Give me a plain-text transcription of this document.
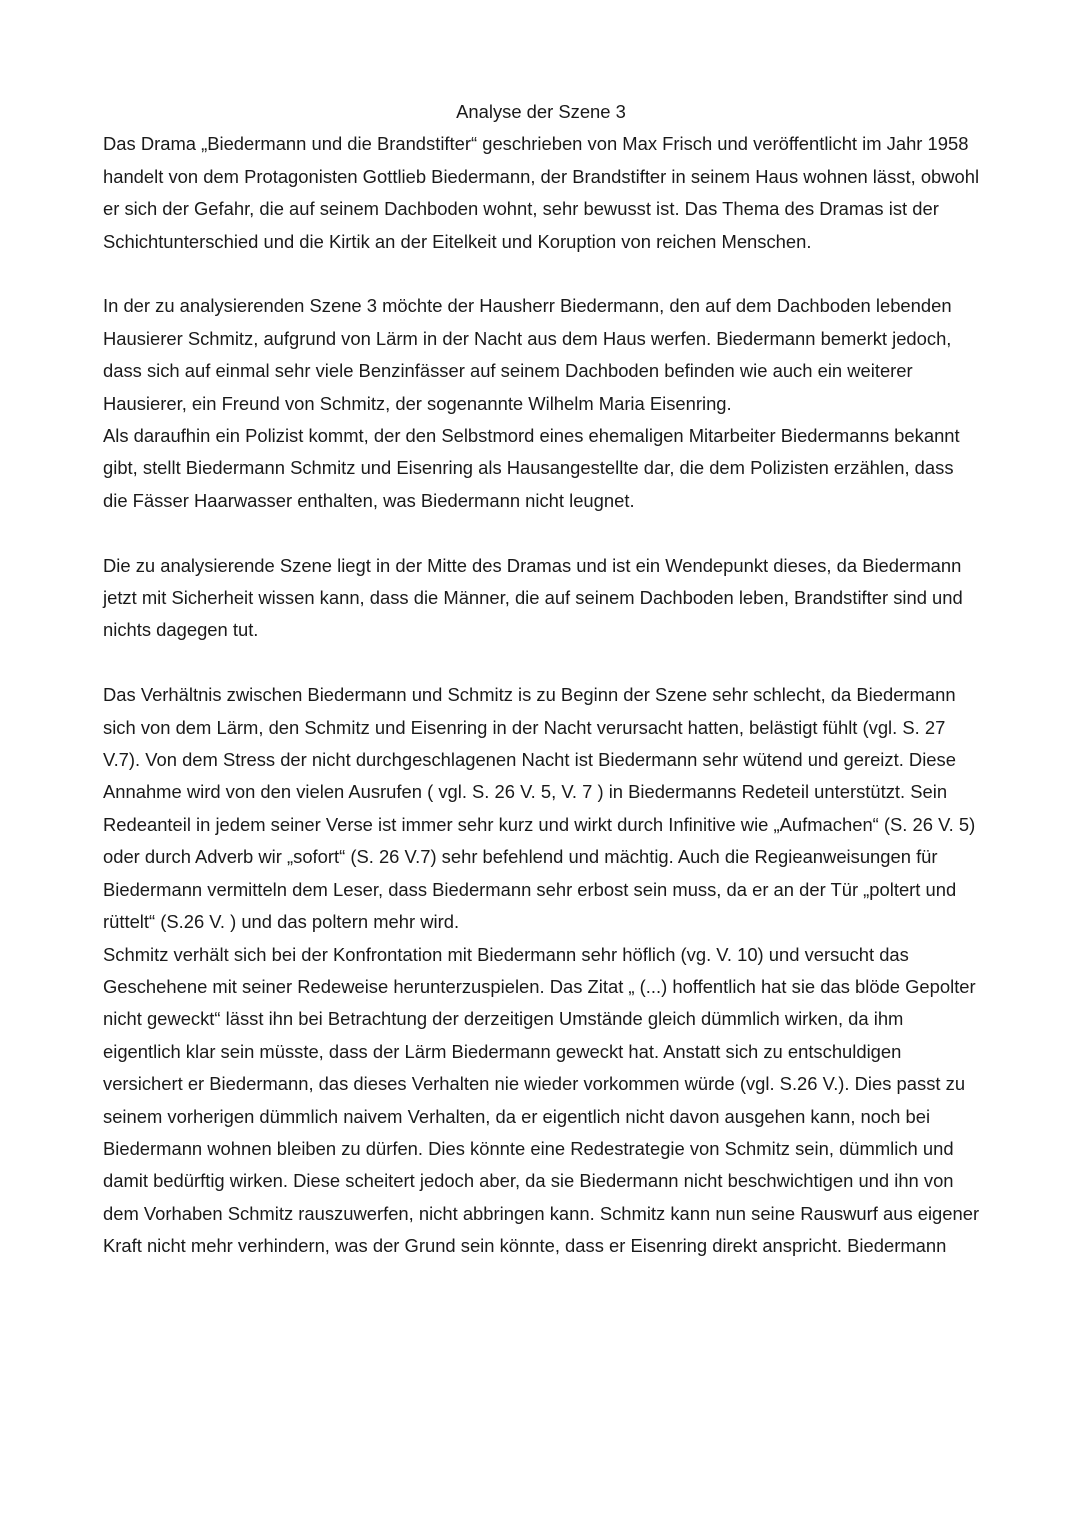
Analyse der Szene 3

Das Drama „Biedermann und die Brandstifter“ geschrieben von Max Frisch und veröffentlicht im Jahr 1958 handelt von dem Protagonisten Gottlieb Biedermann, der Brandstifter in seinem Haus wohnen lässt, obwohl er sich der Gefahr, die auf seinem Dachboden wohnt, sehr bewusst ist. Das Thema des Dramas ist der Schichtunterschied und die Kirtik an der Eitelkeit und Koruption von reichen Menschen.

In der zu analysierenden Szene 3 möchte der Hausherr Biedermann, den auf dem Dachboden lebenden Hausierer Schmitz, aufgrund von Lärm in der Nacht aus dem Haus werfen. Biedermann bemerkt jedoch, dass sich auf einmal sehr viele Benzinfässer auf seinem Dachboden befinden wie auch ein weiterer Hausierer, ein Freund von Schmitz, der sogenannte Wilhelm Maria Eisenring.

Als daraufhin ein Polizist kommt, der den Selbstmord eines ehemaligen Mitarbeiter Biedermanns bekannt gibt, stellt Biedermann Schmitz und Eisenring als Hausangestellte dar, die dem Polizisten erzählen, dass die Fässer Haarwasser enthalten, was Biedermann nicht leugnet.

Die zu analysierende Szene liegt in der Mitte des Dramas und ist ein Wendepunkt dieses, da Biedermann jetzt mit Sicherheit wissen kann, dass die Männer, die auf seinem Dachboden leben, Brandstifter sind und nichts dagegen tut.

Das Verhältnis zwischen Biedermann und Schmitz is zu Beginn der Szene sehr schlecht, da Biedermann sich von dem Lärm, den Schmitz und Eisenring in der Nacht verursacht hatten, belästigt fühlt (vgl. S. 27 V.7). Von dem Stress der nicht durchgeschlagenen Nacht ist Biedermann sehr wütend und gereizt. Diese Annahme wird von den vielen Ausrufen ( vgl. S. 26 V. 5, V. 7 ) in Biedermanns Redeteil unterstützt. Sein Redeanteil in jedem seiner Verse ist immer sehr kurz und wirkt durch Infinitive wie „Aufmachen“ (S. 26 V. 5) oder durch Adverb wir „sofort“ (S. 26 V.7) sehr befehlend und mächtig. Auch die Regieanweisungen für Biedermann vermitteln dem Leser, dass Biedermann sehr erbost sein muss, da er an der Tür „poltert und rüttelt“ (S.26 V. ) und das poltern mehr wird.

Schmitz verhält sich bei der Konfrontation mit Biedermann sehr höflich (vg. V. 10) und versucht das Geschehene mit seiner Redeweise herunterzuspielen. Das Zitat „ (...) hoffentlich hat sie das blöde Gepolter nicht geweckt“ lässt ihn bei Betrachtung der derzeitigen Umstände gleich dümmlich wirken, da ihm eigentlich klar sein müsste, dass der Lärm Biedermann geweckt hat. Anstatt sich zu entschuldigen versichert er Biedermann, das dieses Verhalten nie wieder vorkommen würde (vgl. S.26 V.). Dies passt zu seinem vorherigen dümmlich naivem Verhalten, da er eigentlich nicht davon ausgehen kann, noch bei Biedermann wohnen bleiben zu dürfen. Dies könnte eine Redestrategie von Schmitz sein, dümmlich und damit bedürftig wirken. Diese scheitert jedoch aber, da sie Biedermann nicht beschwichtigen und ihn von dem Vorhaben Schmitz rauszuwerfen, nicht abbringen kann. Schmitz kann nun seine Rauswurf aus eigener Kraft nicht mehr verhindern, was der Grund sein könnte, dass er Eisenring direkt anspricht. Biedermann
